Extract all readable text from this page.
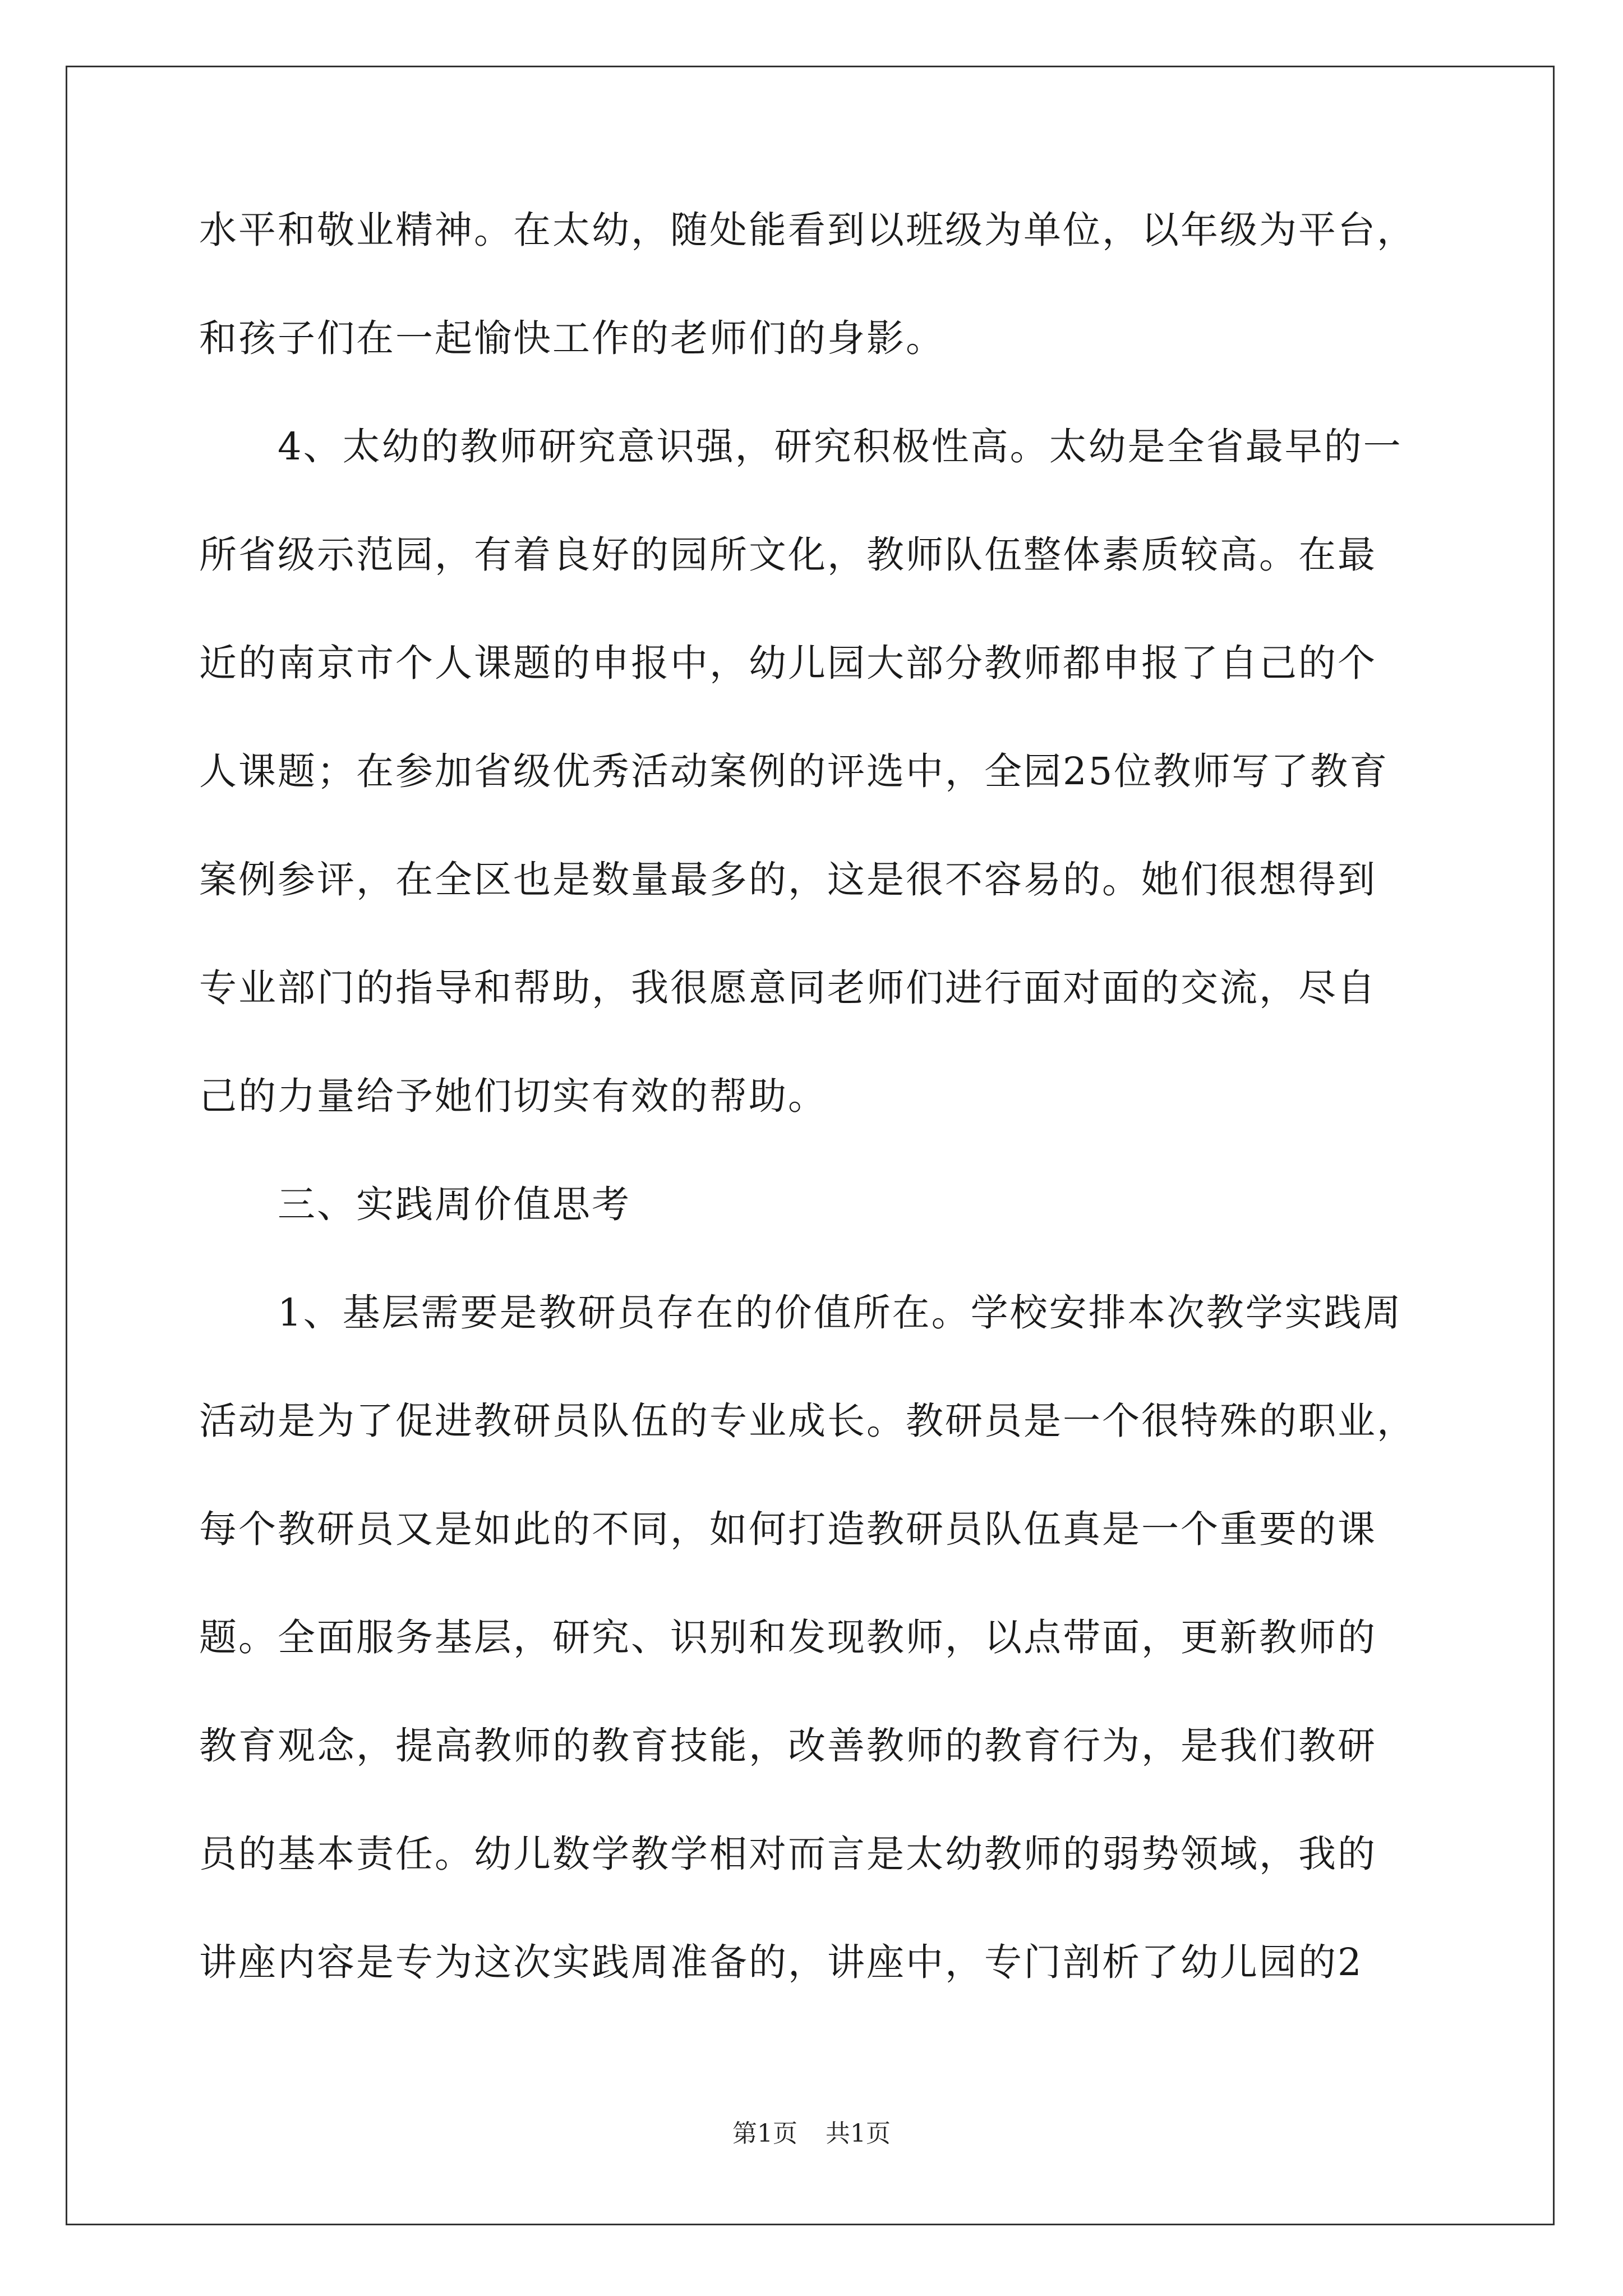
水平和敬业精神。在太幼，随处能看到以班级为单位，以年级为平台，

和孩子们在一起愉快工作的老师们的身影。

4、太幼的教师研究意识强，研究积极性高。太幼是全省最早的一

所省级示范园，有着良好的园所文化，教师队伍整体素质较高。在最

近的南京市个人课题的申报中，幼儿园大部分教师都申报了自己的个

人课题；在参加省级优秀活动案例的评选中，全园25位教师写了教育

案例参评，在全区也是数量最多的，这是很不容易的。她们很想得到

专业部门的指导和帮助，我很愿意同老师们进行面对面的交流，尽自

己的力量给予她们切实有效的帮助。

三、实践周价值思考

1、基层需要是教研员存在的价值所在。学校安排本次教学实践周

活动是为了促进教研员队伍的专业成长。教研员是一个很特殊的职业，

每个教研员又是如此的不同，如何打造教研员队伍真是一个重要的课

题。全面服务基层，研究、识别和发现教师，以点带面，更新教师的

教育观念，提高教师的教育技能，改善教师的教育行为，是我们教研

员的基本责任。幼儿数学教学相对而言是太幼教师的弱势领域，我的

讲座内容是专为这次实践周准备的，讲座中，专门剖析了幼儿园的2

第1页 共1页
